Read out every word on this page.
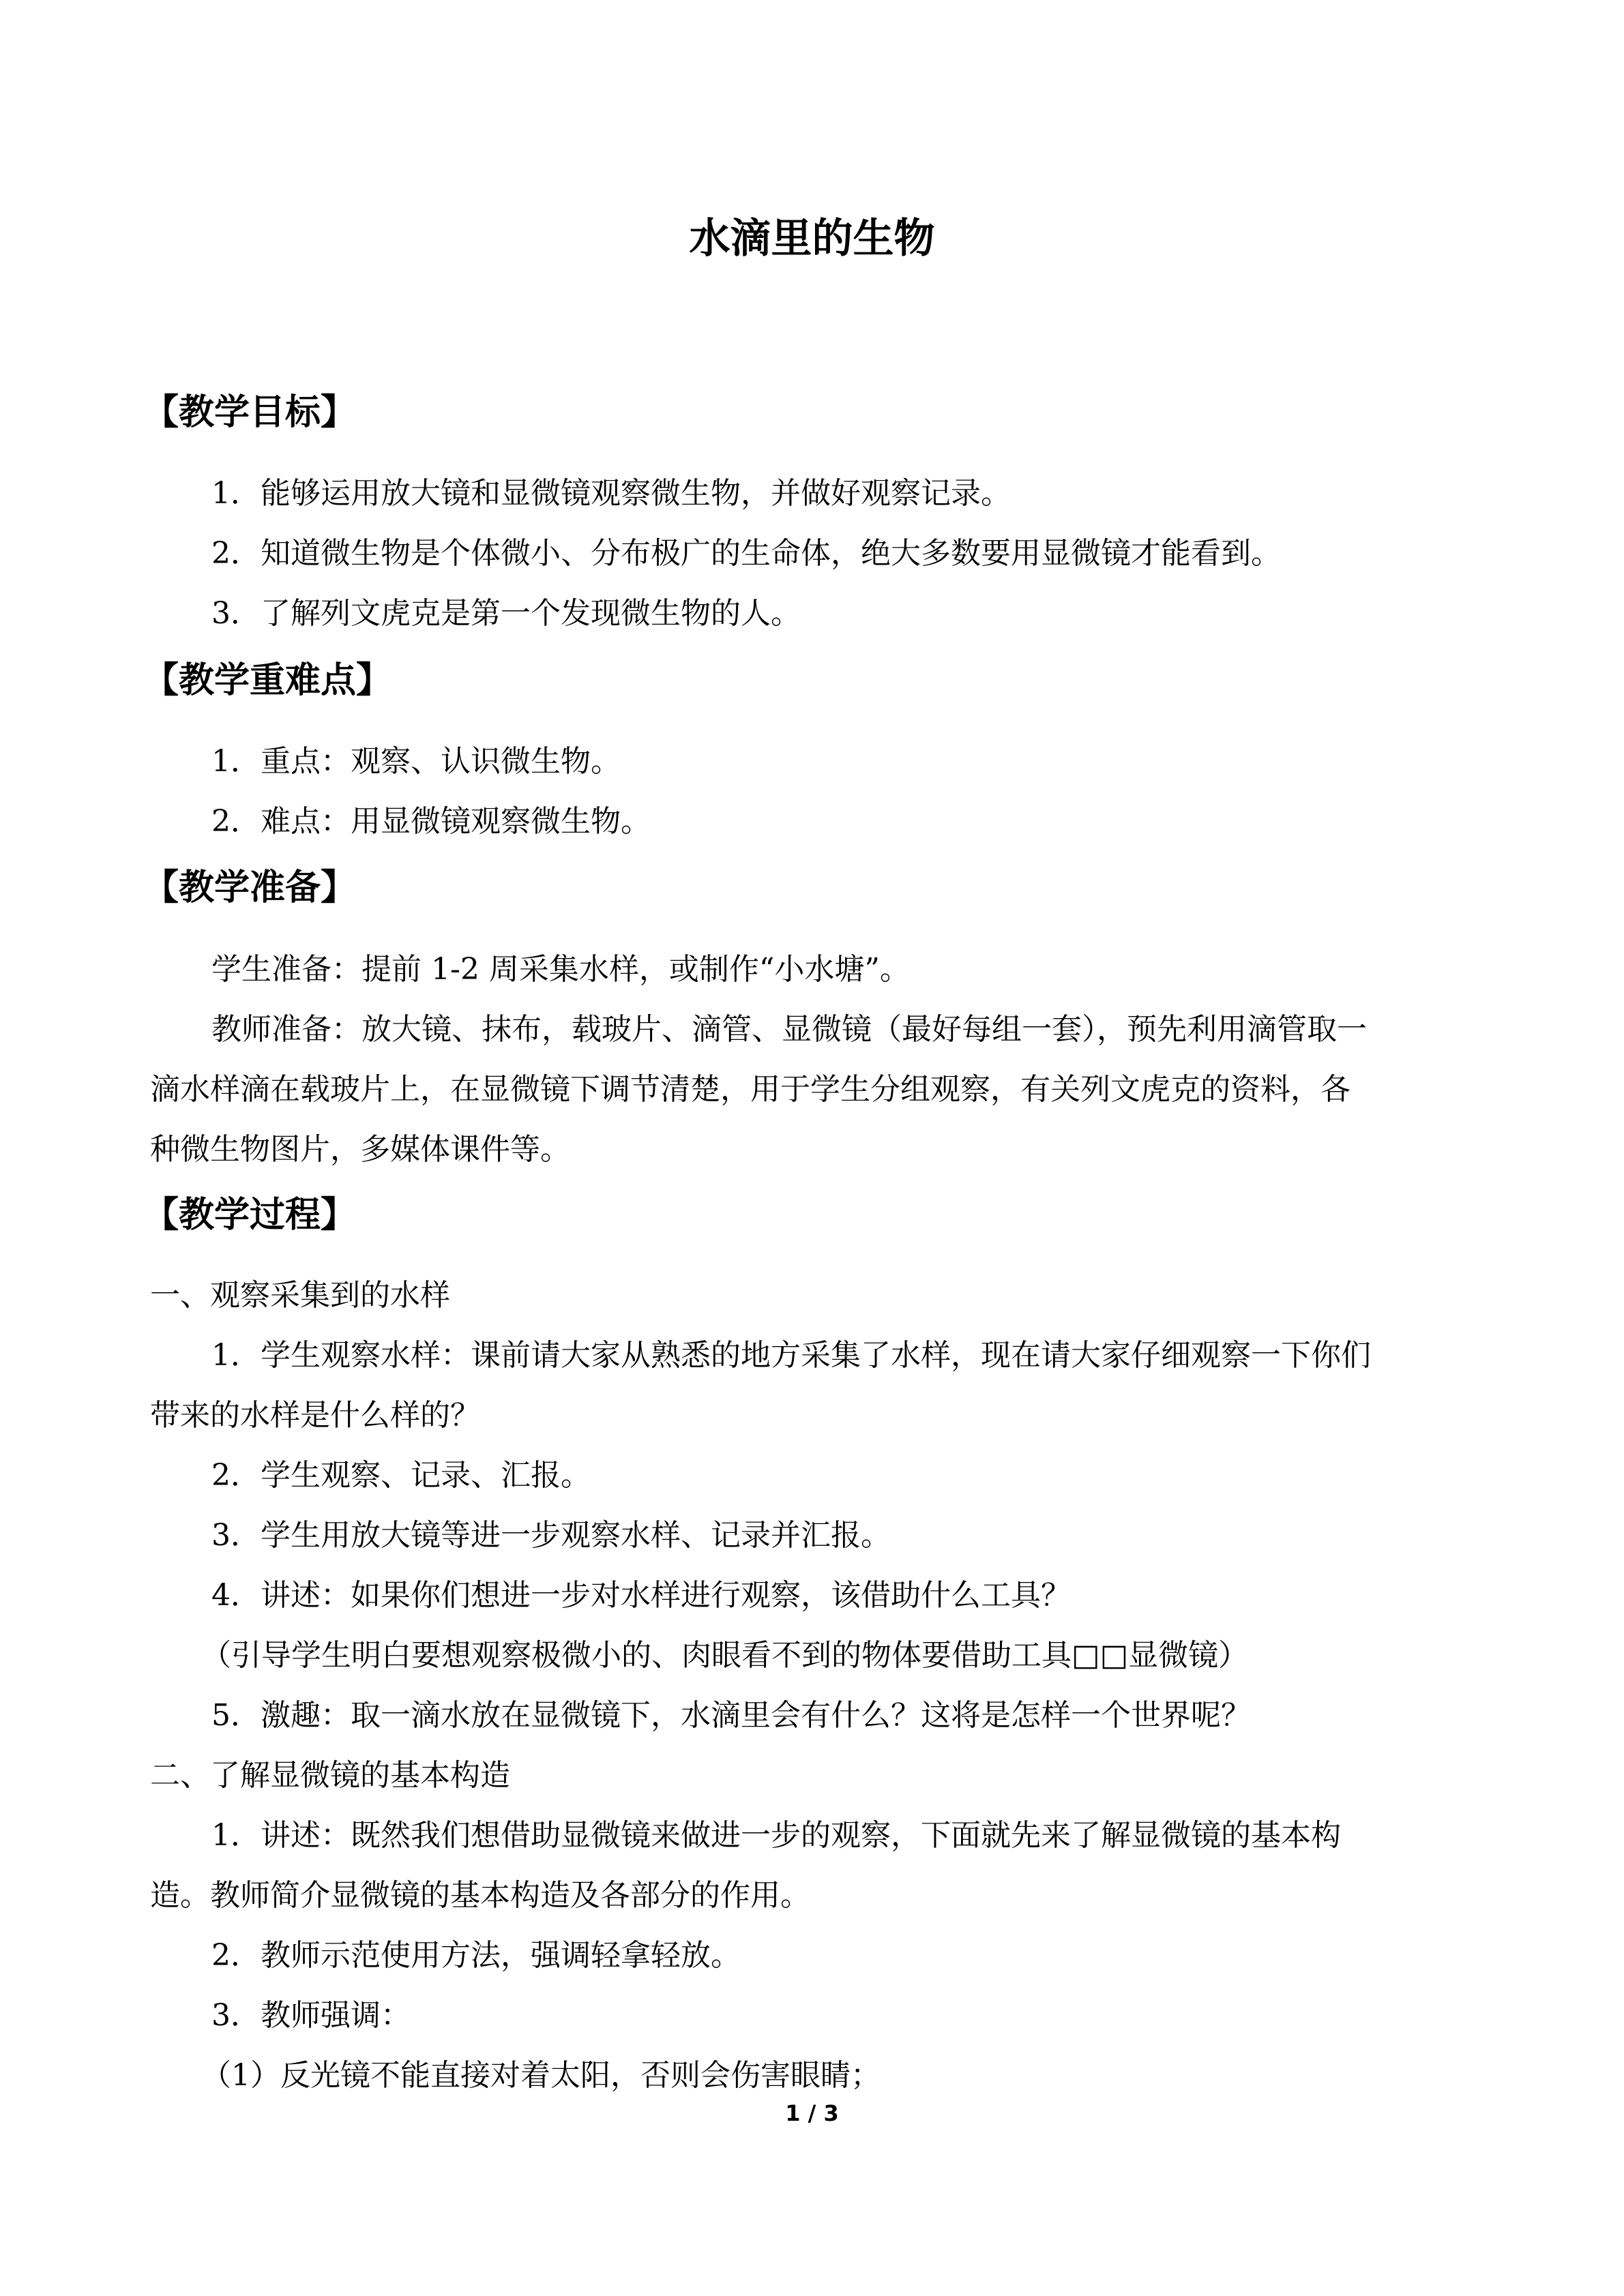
水滴里的生物
【教学目标】
1．能够运用放大镜和显微镜观察微生物，并做好观察记录。
2．知道微生物是个体微小、分布极广的生命体，绝大多数要用显微镜才能看到。
3．了解列文虎克是第一个发现微生物的人。
【教学重难点】
1．重点：观察、认识微生物。
2．难点：用显微镜观察微生物。
【教学准备】
学生准备：提前 1-2 周采集水样，或制作“小水塘”。
教师准备：放大镜、抹布，载玻片、滴管、显微镜（最好每组一套），预先利用滴管取一
滴水样滴在载玻片上，在显微镜下调节清楚，用于学生分组观察，有关列文虎克的资料，各
种微生物图片，多媒体课件等。
【教学过程】
一、观察采集到的水样
1．学生观察水样：课前请大家从熟悉的地方采集了水样，现在请大家仔细观察一下你们
带来的水样是什么样的？
2．学生观察、记录、汇报。
3．学生用放大镜等进一步观察水样、记录并汇报。
4．讲述：如果你们想进一步对水样进行观察，该借助什么工具？
（引导学生明白要想观察极微小的、肉眼看不到的物体要借助工具□□显微镜）
5．激趣：取一滴水放在显微镜下，水滴里会有什么？这将是怎样一个世界呢？
二、了解显微镜的基本构造
1．讲述：既然我们想借助显微镜来做进一步的观察，下面就先来了解显微镜的基本构
造。教师简介显微镜的基本构造及各部分的作用。
2．教师示范使用方法，强调轻拿轻放。
3．教师强调：
（1）反光镜不能直接对着太阳，否则会伤害眼睛；
1 / 3
